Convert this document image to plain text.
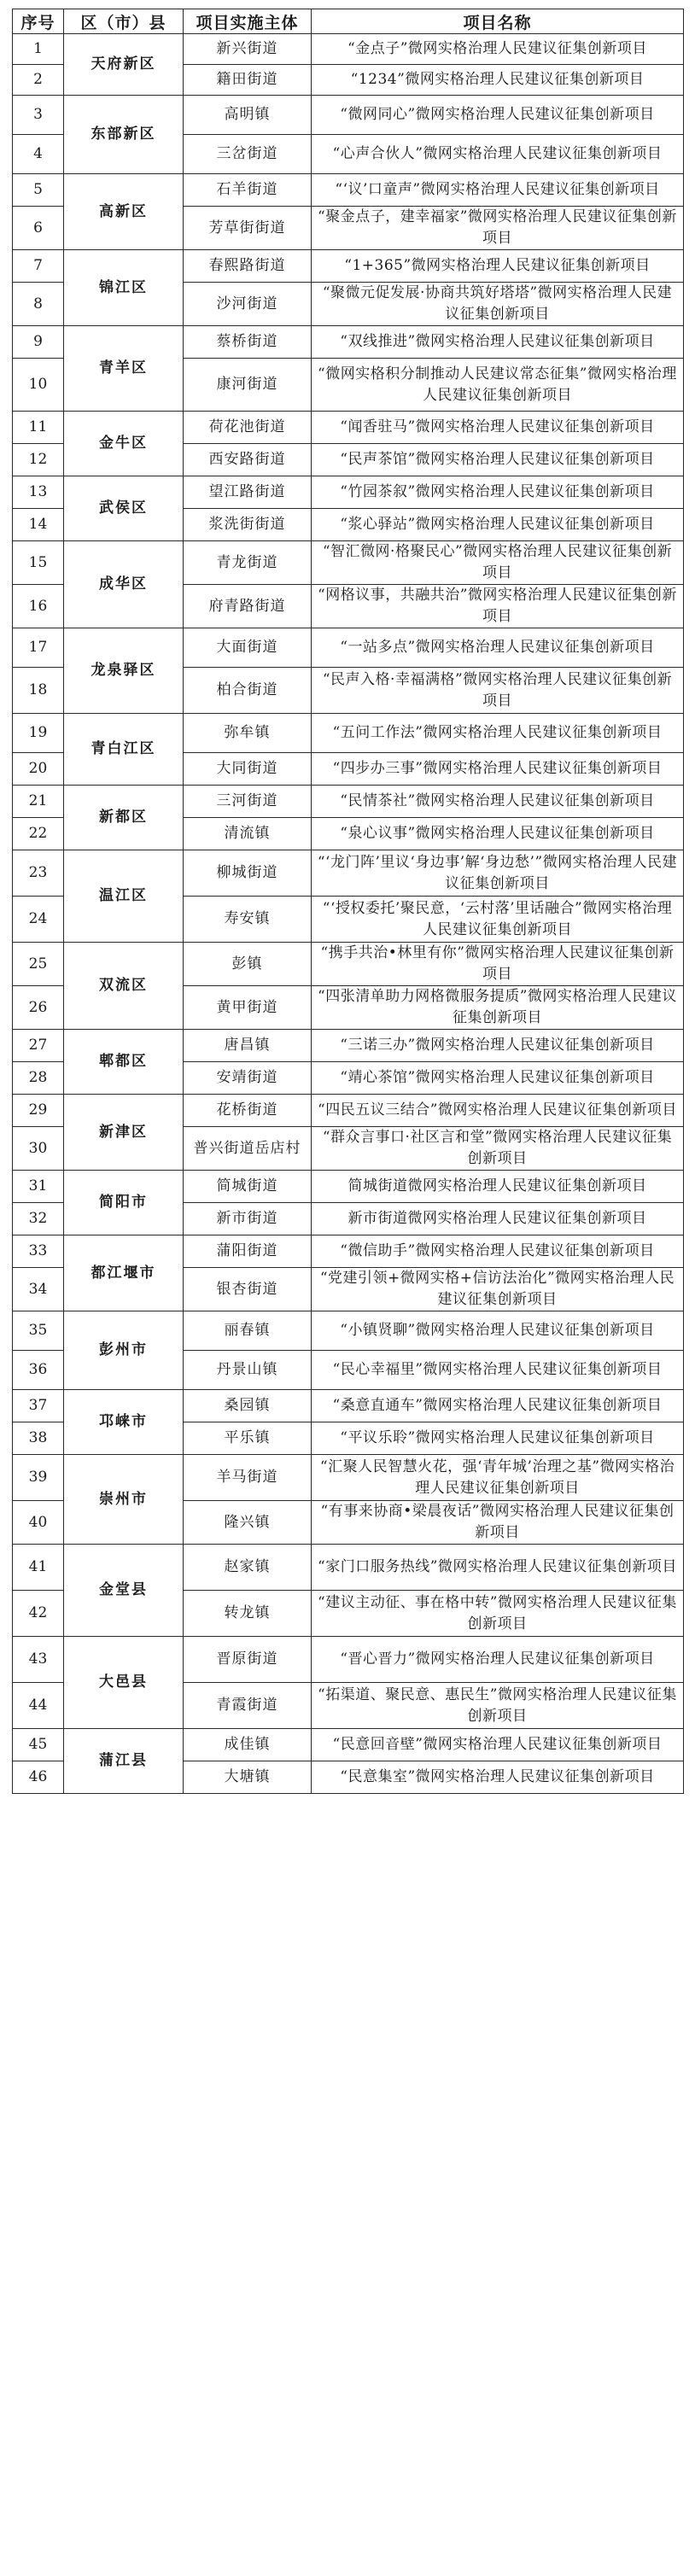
序号	区（市）县	项目实施主体	项目名称
1	天府新区	新兴街道	“金点子”微网实格治理人民建议征集创新项目
2		籍田街道	“1234”微网实格治理人民建议征集创新项目
3	东部新区	高明镇	“微网同心”微网实格治理人民建议征集创新项目
4		三岔街道	“心声合伙人”微网实格治理人民建议征集创新项目
5	高新区	石羊街道	“‘议’口童声”微网实格治理人民建议征集创新项目
6		芳草街街道	“聚金点子，建幸福家”微网实格治理人民建议征集创新项目
7	锦江区	春熙路街道	“1+365”微网实格治理人民建议征集创新项目
8		沙河街道	“聚微元促发展·协商共筑好塔塔”微网实格治理人民建议征集创新项目
9	青羊区	蔡桥街道	“双线推进”微网实格治理人民建议征集创新项目
10		康河街道	“微网实格积分制推动人民建议常态征集”微网实格治理人民建议征集创新项目
11	金牛区	荷花池街道	“闻香驻马”微网实格治理人民建议征集创新项目
12		西安路街道	“民声茶馆”微网实格治理人民建议征集创新项目
13	武侯区	望江路街道	“竹园茶叙”微网实格治理人民建议征集创新项目
14		浆洗街街道	“浆心驿站”微网实格治理人民建议征集创新项目
15	成华区	青龙街道	“智汇微网·格聚民心”微网实格治理人民建议征集创新项目
16		府青路街道	“网格议事，共融共治”微网实格治理人民建议征集创新项目
17	龙泉驿区	大面街道	“一站多点”微网实格治理人民建议征集创新项目
18		柏合街道	“民声入格·幸福满格”微网实格治理人民建议征集创新项目
19	青白江区	弥牟镇	“五问工作法”微网实格治理人民建议征集创新项目
20		大同街道	“四步办三事”微网实格治理人民建议征集创新项目
21	新都区	三河街道	“民情茶社”微网实格治理人民建议征集创新项目
22		清流镇	“泉心议事”微网实格治理人民建议征集创新项目
23	温江区	柳城街道	“‘龙门阵’里议‘身边事’解‘身边愁’”微网实格治理人民建议征集创新项目
24		寿安镇	“‘授权委托’聚民意，‘云村落’里话融合”微网实格治理人民建议征集创新项目
25	双流区	彭镇	“携手共治•林里有你”微网实格治理人民建议征集创新项目
26		黄甲街道	“四张清单助力网格微服务提质”微网实格治理人民建议征集创新项目
27	郫都区	唐昌镇	“三诺三办”微网实格治理人民建议征集创新项目
28		安靖街道	“靖心茶馆”微网实格治理人民建议征集创新项目
29	新津区	花桥街道	“四民五议三结合”微网实格治理人民建议征集创新项目
30		普兴街道岳店村	“群众言事口·社区言和堂”微网实格治理人民建议征集创新项目
31	简阳市	简城街道	简城街道微网实格治理人民建议征集创新项目
32		新市街道	新市街道微网实格治理人民建议征集创新项目
33	都江堰市	蒲阳街道	“微信助手”微网实格治理人民建议征集创新项目
34		银杏街道	“党建引领+微网实格+信访法治化”微网实格治理人民建议征集创新项目
35	彭州市	丽春镇	“小镇贤聊”微网实格治理人民建议征集创新项目
36		丹景山镇	“民心幸福里”微网实格治理人民建议征集创新项目
37	邛崃市	桑园镇	“桑意直通车”微网实格治理人民建议征集创新项目
38		平乐镇	“平议乐聆”微网实格治理人民建议征集创新项目
39	崇州市	羊马街道	“汇聚人民智慧火花，强‘青年城’治理之基”微网实格治理人民建议征集创新项目
40		隆兴镇	“有事来协商•梁晨夜话”微网实格治理人民建议征集创新项目
41	金堂县	赵家镇	“家门口服务热线”微网实格治理人民建议征集创新项目
42		转龙镇	“建议主动征、事在格中转”微网实格治理人民建议征集创新项目
43	大邑县	晋原街道	“晋心晋力”微网实格治理人民建议征集创新项目
44		青霞街道	“拓渠道、聚民意、惠民生”微网实格治理人民建议征集创新项目
45	蒲江县	成佳镇	“民意回音壁”微网实格治理人民建议征集创新项目
46		大塘镇	“民意集室”微网实格治理人民建议征集创新项目
